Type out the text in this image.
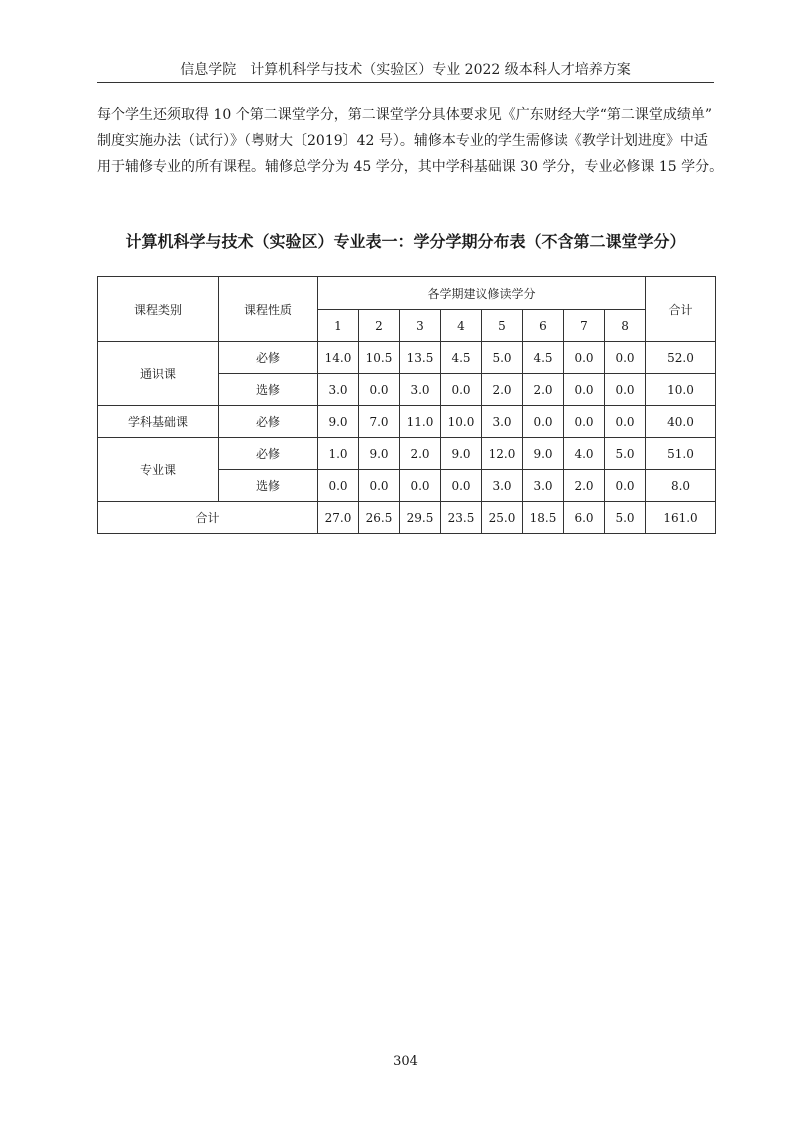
信息学院　计算机科学与技术（实验区）专业 2022 级本科人才培养方案

每个学生还须取得 10 个第二课堂学分，第二课堂学分具体要求见《广东财经大学“第二课堂成绩单”
制度实施办法（试行）》（粤财大〔2019〕42 号）。辅修本专业的学生需修读《教学计划进度》中适
用于辅修专业的所有课程。辅修总学分为 45 学分，其中学科基础课 30 学分，专业必修课 15 学分。

计算机科学与技术（实验区）专业表一：学分学期分布表（不含第二课堂学分）
课程类别	课程性质	各学期建议修读学分								合计
		1	2	3	4	5	6	7	8	
通识课	必修	14.0	10.5	13.5	4.5	5.0	4.5	0.0	0.0	52.0
	选修	3.0	0.0	3.0	0.0	2.0	2.0	0.0	0.0	10.0
学科基础课	必修	9.0	7.0	11.0	10.0	3.0	0.0	0.0	0.0	40.0
专业课	必修	1.0	9.0	2.0	9.0	12.0	9.0	4.0	5.0	51.0
	选修	0.0	0.0	0.0	0.0	3.0	3.0	2.0	0.0	8.0
合计		27.0	26.5	29.5	23.5	25.0	18.5	6.0	5.0	161.0
304
